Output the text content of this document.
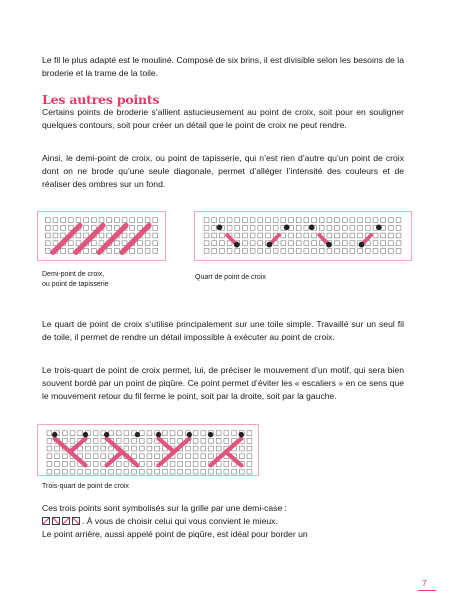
Le fil le plus adapté est le mouliné. Composé de six brins, il est divisible selon les besoins de la broderie et la trame de la toile.

Les autres points

Certains points de broderie s’allient astucieusement au point de croix, soit pour en souligner quelques contours, soit pour créer un détail que le point de croix ne peut rendre.

Ainsi, le demi-point de croix, ou point de tapisserie, qui n’est rien d’autre qu’un point de croix dont on ne brode qu’une seule diagonale, permet d’alléger l’intensité des couleurs et de réaliser des ombres sur un fond.

Demi-point de croix,
ou point de tapisserie
Quart de point de croix

Le quart de point de croix s’utilise principalement sur une toile simple. Travaillé sur un seul fil de toile, il permet de rendre un détail impossible à exécuter au point de croix.

Le trois-quart de point de croix permet, lui, de préciser le mouvement d’un motif, qui sera bien souvent bordé par un point de piqûre. Ce point permet d’éviter les « escaliers » en ce sens que le mouvement retour du fil ferme le point, soit par la droite, soit par la gauche.

Trois-quart de point de croix

Ces trois points sont symbolisés sur la grille par une demi-case :
. À vous de choisir celui qui vous convient le mieux.

Le point arrière, aussi appelé point de piqûre, est idéal pour border un

7
